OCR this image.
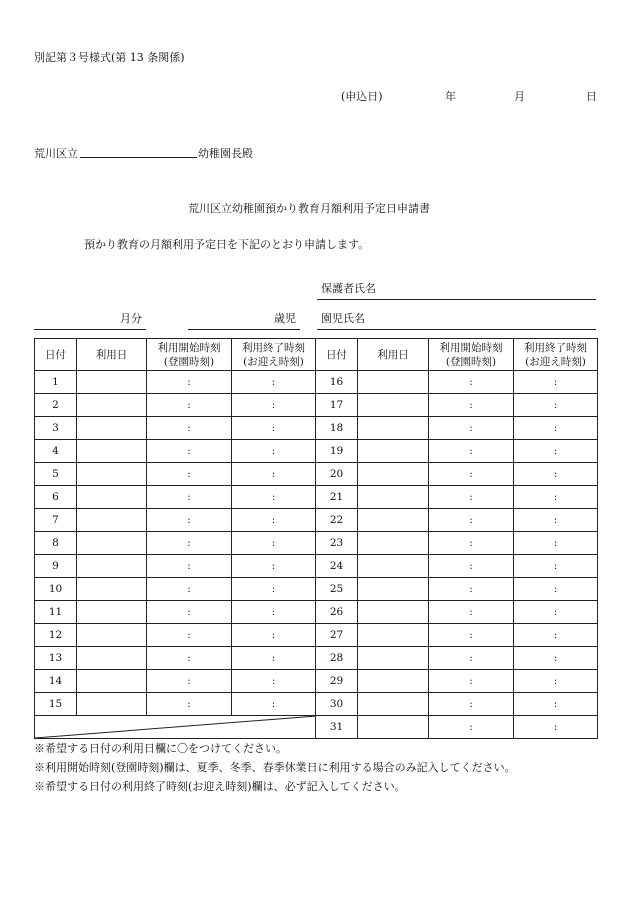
別記第３号様式(第 13 条関係)
(申込日)	年	月	日
荒川区立	幼稚園長殿
荒川区立幼稚園預かり教育月額利用予定日申請書
預かり教育の月額利用予定日を下記のとおり申請します。
保護者氏名
月分	歳児 園児氏名
日付	利用日	利用開始時刻
(登園時刻)	利用終了時刻
(お迎え時刻)
1		:	:
2		:	:
3		:	:
4		:	:
5		:	:
6		:	:
7		:	:
8		:	:
9		:	:
10		:	:
11		:	:
12		:	:
13		:	:
14		:	:
15		:	:

日付	利用日	利用開始時刻
(登園時刻)	利用終了時刻
(お迎え時刻)
16		:	:
17		:	:
18		:	:
19		:	:
20		:	:
21		:	:
22		:	:
23		:	:
24		:	:
25		:	:
26		:	:
27		:	:
28		:	:
29		:	:
30		:	:
31		:	:
※希望する日付の利用日欄に〇をつけてください。
※利用開始時刻(登園時刻)欄は、夏季、冬季、春季休業日に利用する場合のみ記入してください。
※希望する日付の利用終了時刻(お迎え時刻)欄は、必ず記入してください。
